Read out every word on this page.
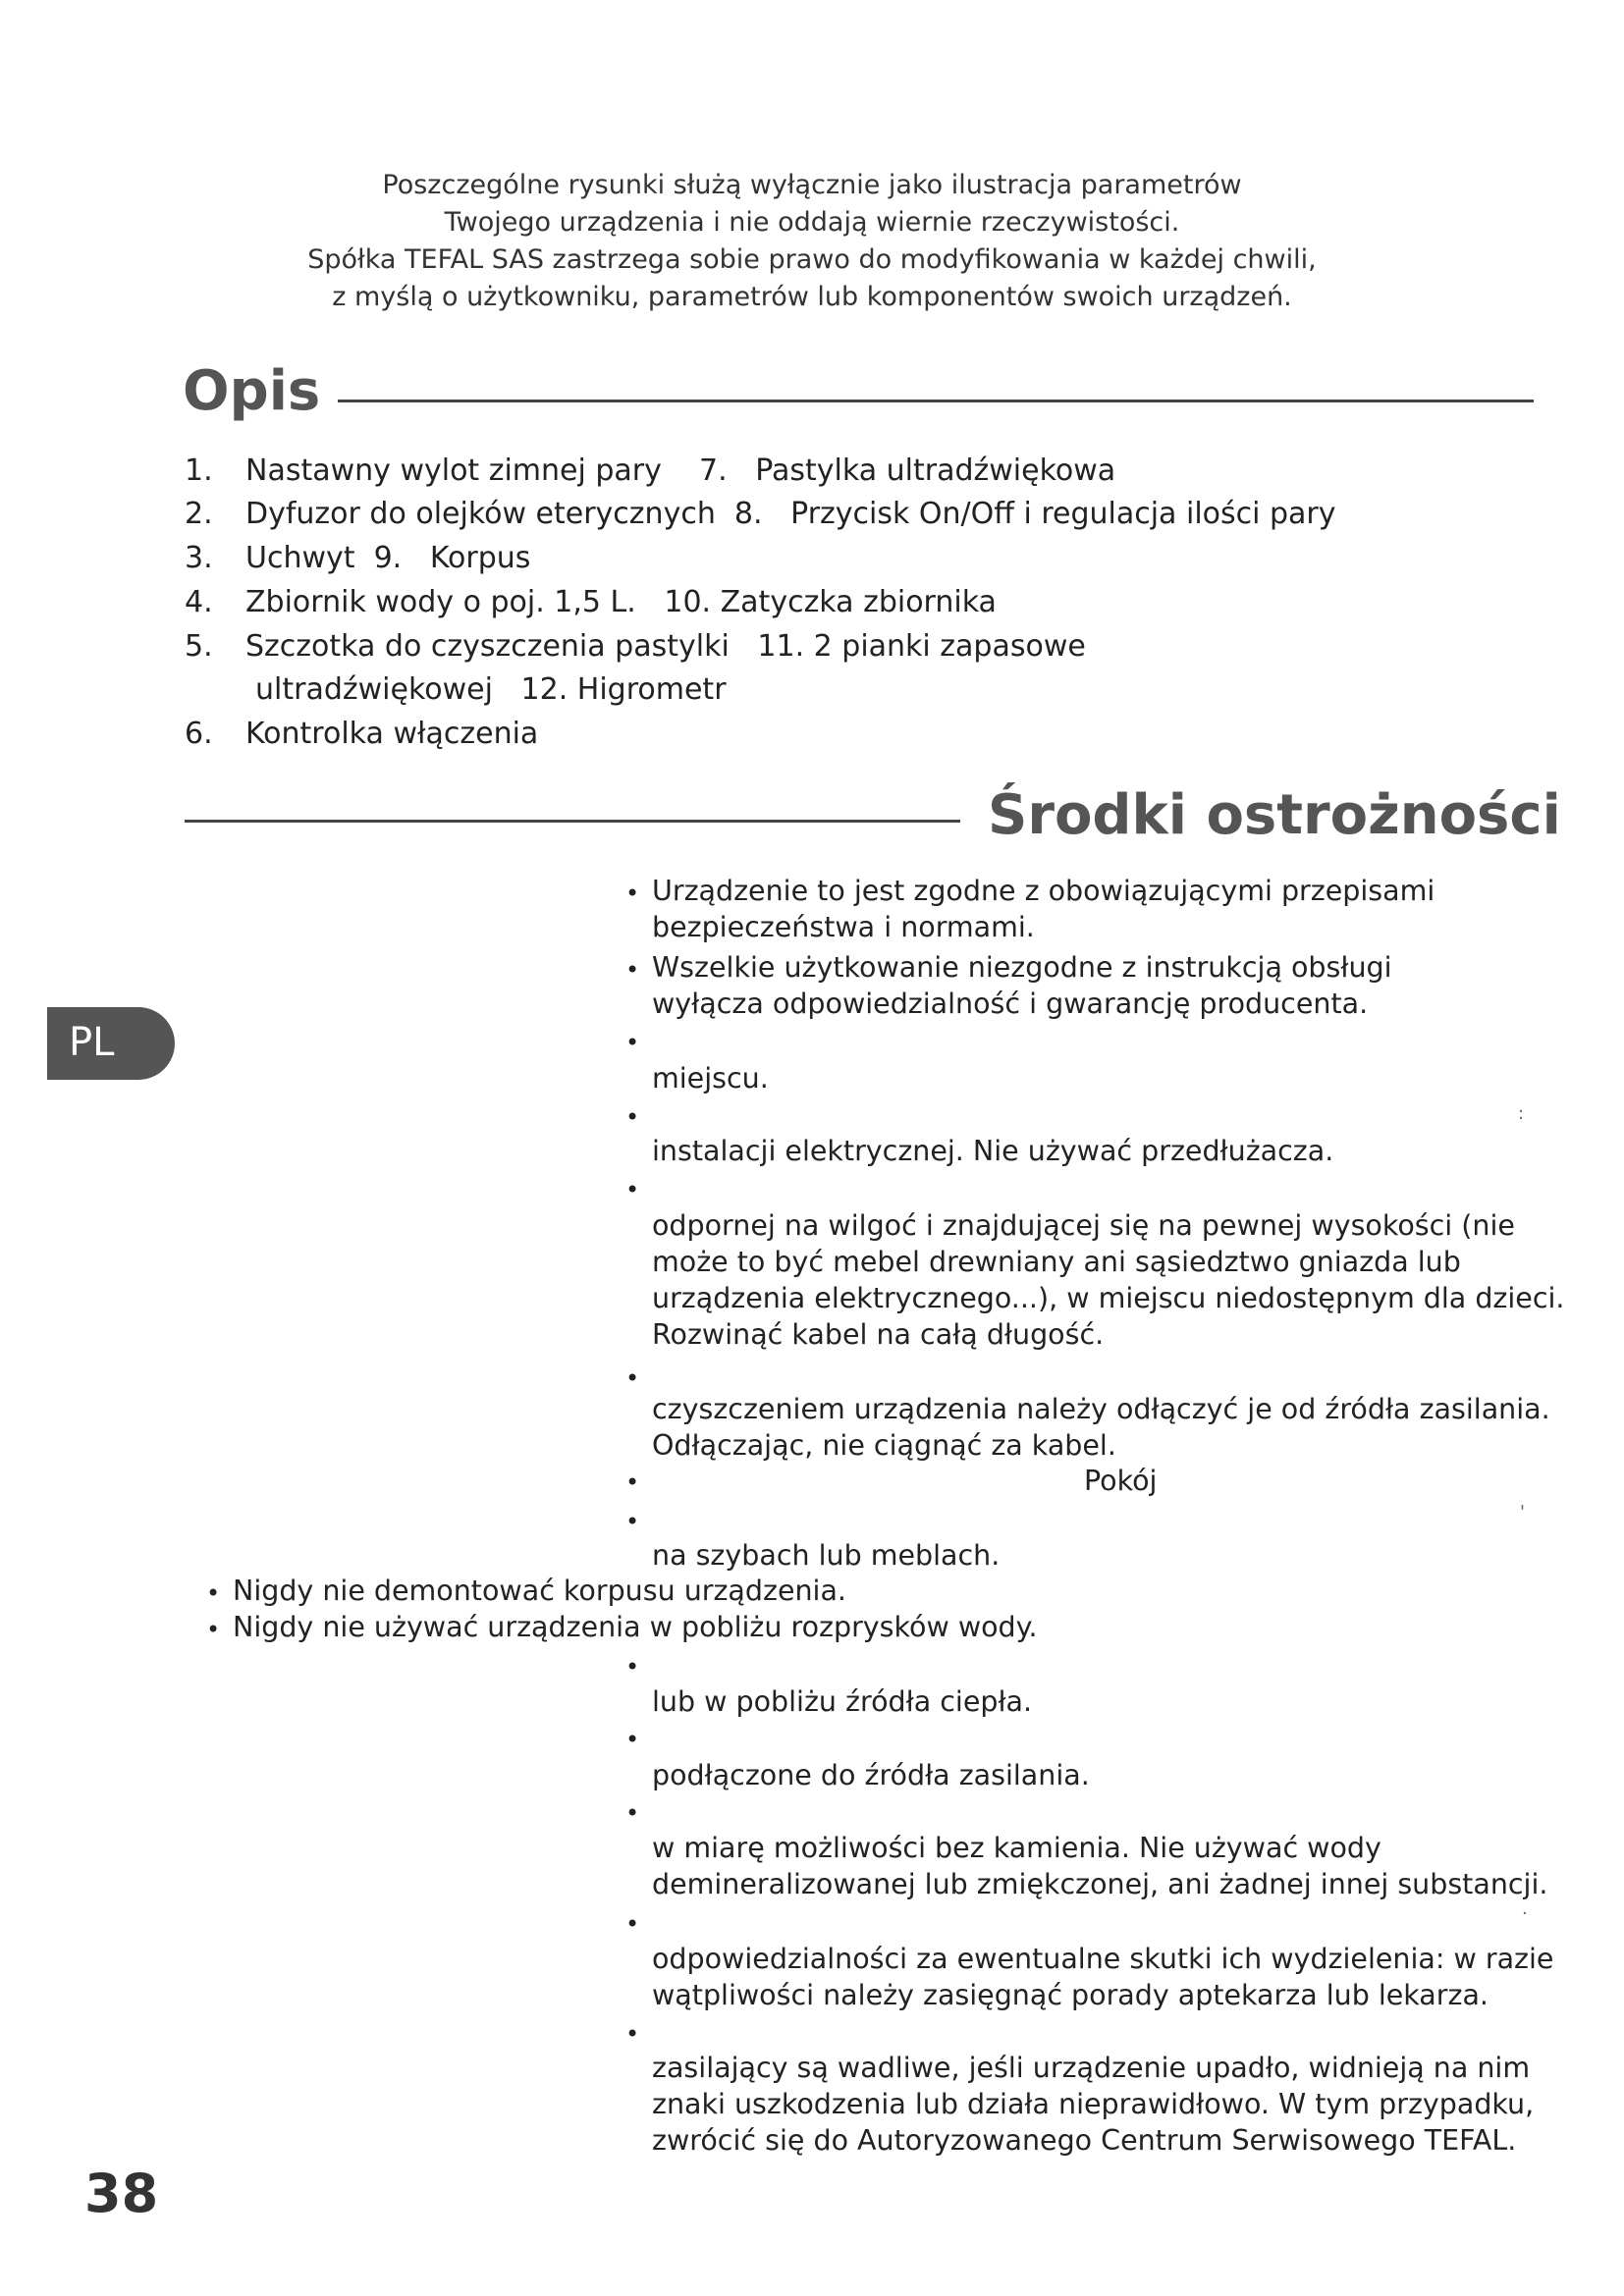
Poszczególne rysunki służą wyłącznie jako ilustracja parametrów
Twojego urządzenia i nie oddają wiernie rzeczywistości.
Spółka TEFAL SAS zastrzega sobie prawo do modyfikowania w każdej chwili,
z myślą o użytkowniku, parametrów lub komponentów swoich urządzeń.
Opis
1. Nastawny wylot zimnej pary    7.   Pastylka ultradźwiękowa
2. Dyfuzor do olejków eterycznych  8.   Przycisk On/Off i regulacja ilości pary
3. Uchwyt  9.   Korpus
4. Zbiornik wody o poj. 1,5 L.   10. Zatyczka zbiornika
5. Szczotka do czyszczenia pastylki   11. 2 pianki zapasowe
ultradźwiękowej   12. Higrometr
6. Kontrolka włączenia
Środki ostrożności
PL
• Urządzenie to jest zgodne z obowiązującymi przepisami
bezpieczeństwa i normami.
• Wszelkie użytkowanie niezgodne z instrukcją obsługi
wyłącza odpowiedzialność i gwarancję producenta.
•
miejscu.
•	:
instalacji elektrycznej. Nie używać przedłużacza.
•
odpornej na wilgoć i znajdującej się na pewnej wysokości (nie
może to być mebel drewniany ani sąsiedztwo gniazda lub
urządzenia elektrycznego...), w miejscu niedostępnym dla dzieci.
Rozwinąć kabel na całą długość.
•
czyszczeniem urządzenia należy odłączyć je od źródła zasilania.
Odłączając, nie ciągnąć za kabel.
•	Pokój
•	'
na szybach lub meblach.
• Nigdy nie demontować korpusu urządzenia.
• Nigdy nie używać urządzenia w pobliżu rozprysków wody.
•
lub w pobliżu źródła ciepła.
•
podłączone do źródła zasilania.
•
w miarę możliwości bez kamienia. Nie używać wody
demineralizowanej lub zmiękczonej, ani żadnej innej substancji.
•
.
odpowiedzialności za ewentualne skutki ich wydzielenia: w razie
wątpliwości należy zasięgnąć porady aptekarza lub lekarza.
•
zasilający są wadliwe, jeśli urządzenie upadło, widnieją na nim
znaki uszkodzenia lub działa nieprawidłowo. W tym przypadku,
zwrócić się do Autoryzowanego Centrum Serwisowego TEFAL.
38
